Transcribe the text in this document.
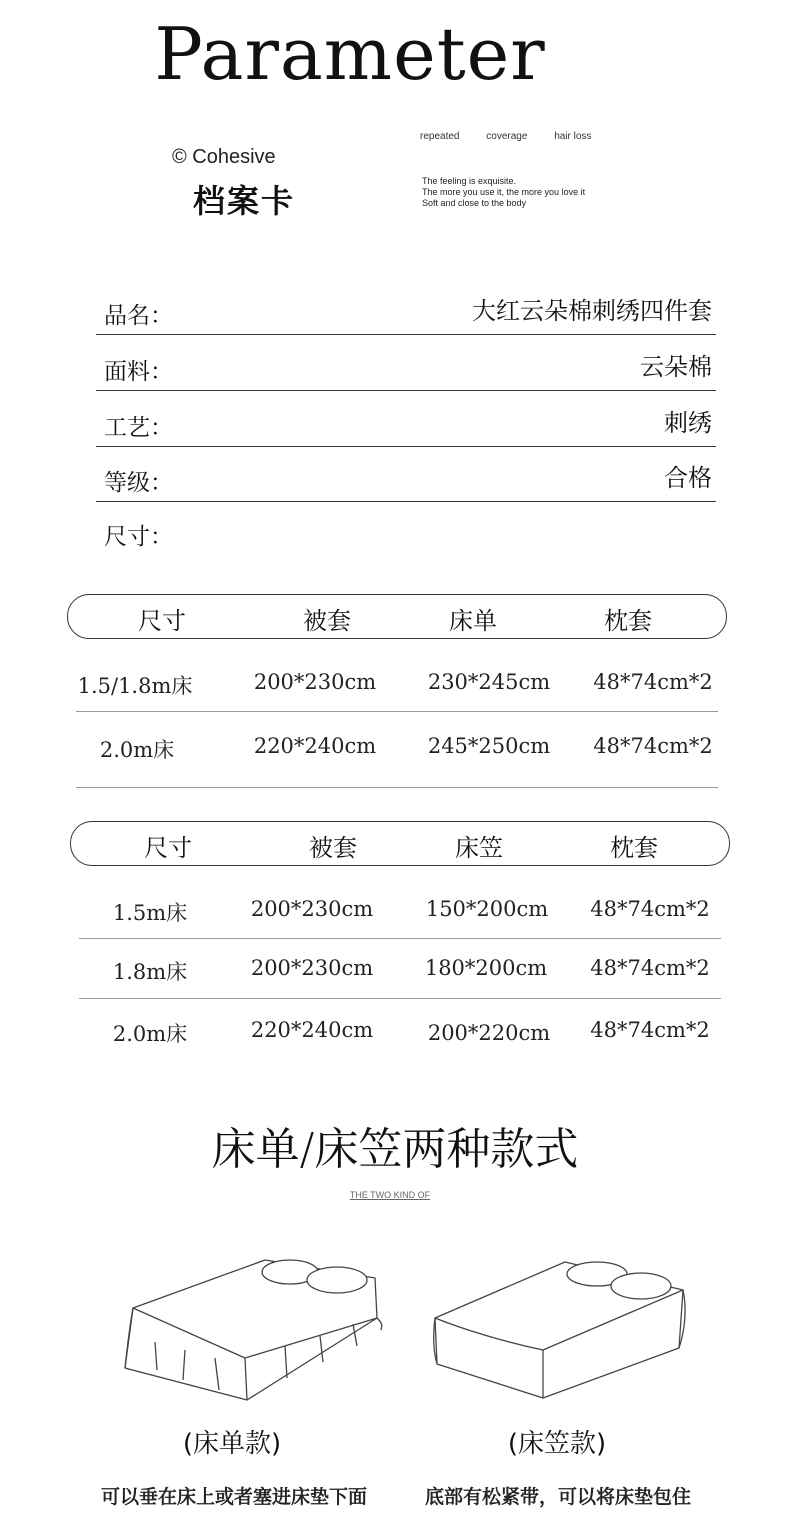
Parameter
© Cohesive
档案卡
repeated	coverage	hair loss
The feeling is exquisite.
The more you use it, the more you love it
Soft and close to the body
品名：	大红云朵棉刺绣四件套
面料：	云朵棉
工艺：	刺绣
等级：	合格
尺寸：
尺寸	被套	床单	枕套
1.5/1.8m床	200*230cm 230*245cm 48*74cm*2
2.0m床	220*240cm 245*250cm 48*74cm*2
尺寸	被套	床笠	枕套
1.5m床	200*230cm	150*200cm 48*74cm*2
1.8m床	200*230cm 180*200cm 48*74cm*2
2.0m床	220*240cm	200*220cm 48*74cm*2
床单/床笠两种款式
THE TWO KIND OF
(床单款)	(床笠款)
可以垂在床上或者塞进床垫下面	底部有松紧带，可以将床垫包住
